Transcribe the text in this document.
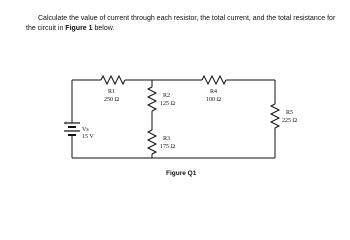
Calculate the value of current through each resistor, the total current, and the total resistance for
the circuit in Figure 1 below.
+
Vs
15 V
R1
250 Ω
R2
125 Ω
R3
175 Ω
R4
100 Ω
R5
225 Ω
Figure Q1
